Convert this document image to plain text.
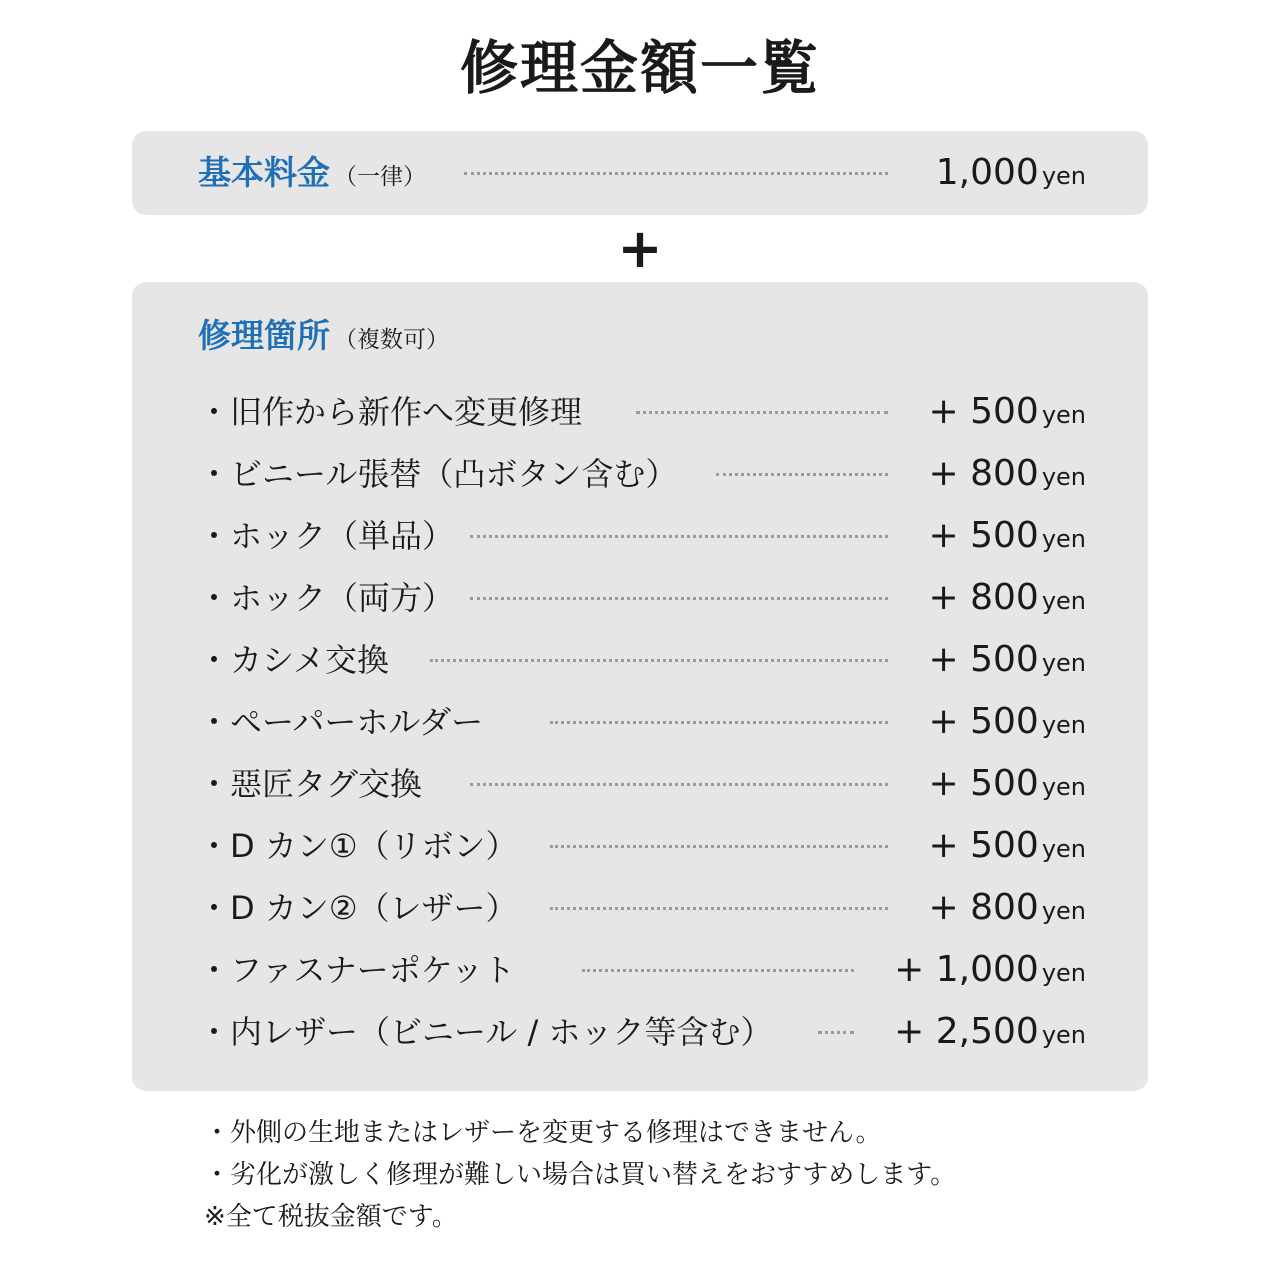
修理金額一覧
基本料金 （一律）	1,000 yen
+
修理箇所 （複数可）
・旧作から新作へ変更修理	+ 500 yen
・ビニール張替（凸ボタン含む）	+ 800 yen
・ホック（単品）	+ 500 yen
・ホック（両方）	+ 800 yen
・カシメ交換	+ 500 yen
・ペーパーホルダー	+ 500 yen
・惡匠タグ交換	+ 500 yen
・D カン①（リボン）	+ 500 yen
・D カン②（レザー）	+ 800 yen
・ファスナーポケット	+ 1,000 yen
・内レザー（ビニール / ホック等含む）	+ 2,500 yen
・外側の生地またはレザーを変更する修理はできません。
・劣化が激しく修理が難しい場合は買い替えをおすすめします。
※全て税抜金額です。
